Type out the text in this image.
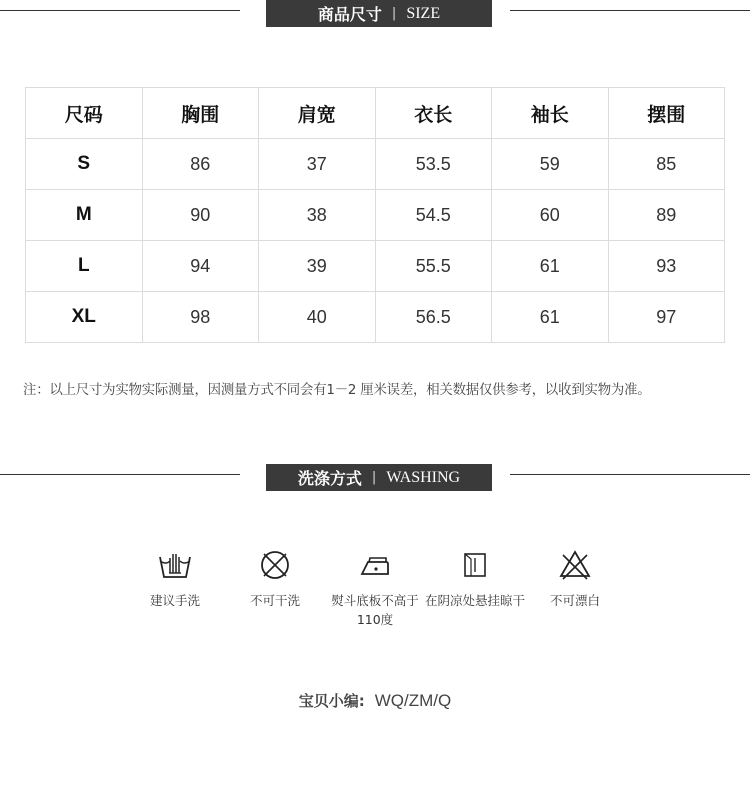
商品尺寸 | SIZE
尺码	胸围	肩宽	衣长	袖长	摆围
S	86	37	53.5	59	85
M	90	38	54.5	60	89
L	94	39	55.5	61	93
XL	98	40	56.5	61	97
注：以上尺寸为实物实际测量，因测量方式不同会有1－2 厘米误差，相关数据仅供参考，以收到实物为准。
洗涤方式 | WASHING
建议手洗	不可干洗	熨斗底板不高于110度
在阴凉处悬挂晾干	不可漂白
宝贝小编: WQ/ZM/Q
